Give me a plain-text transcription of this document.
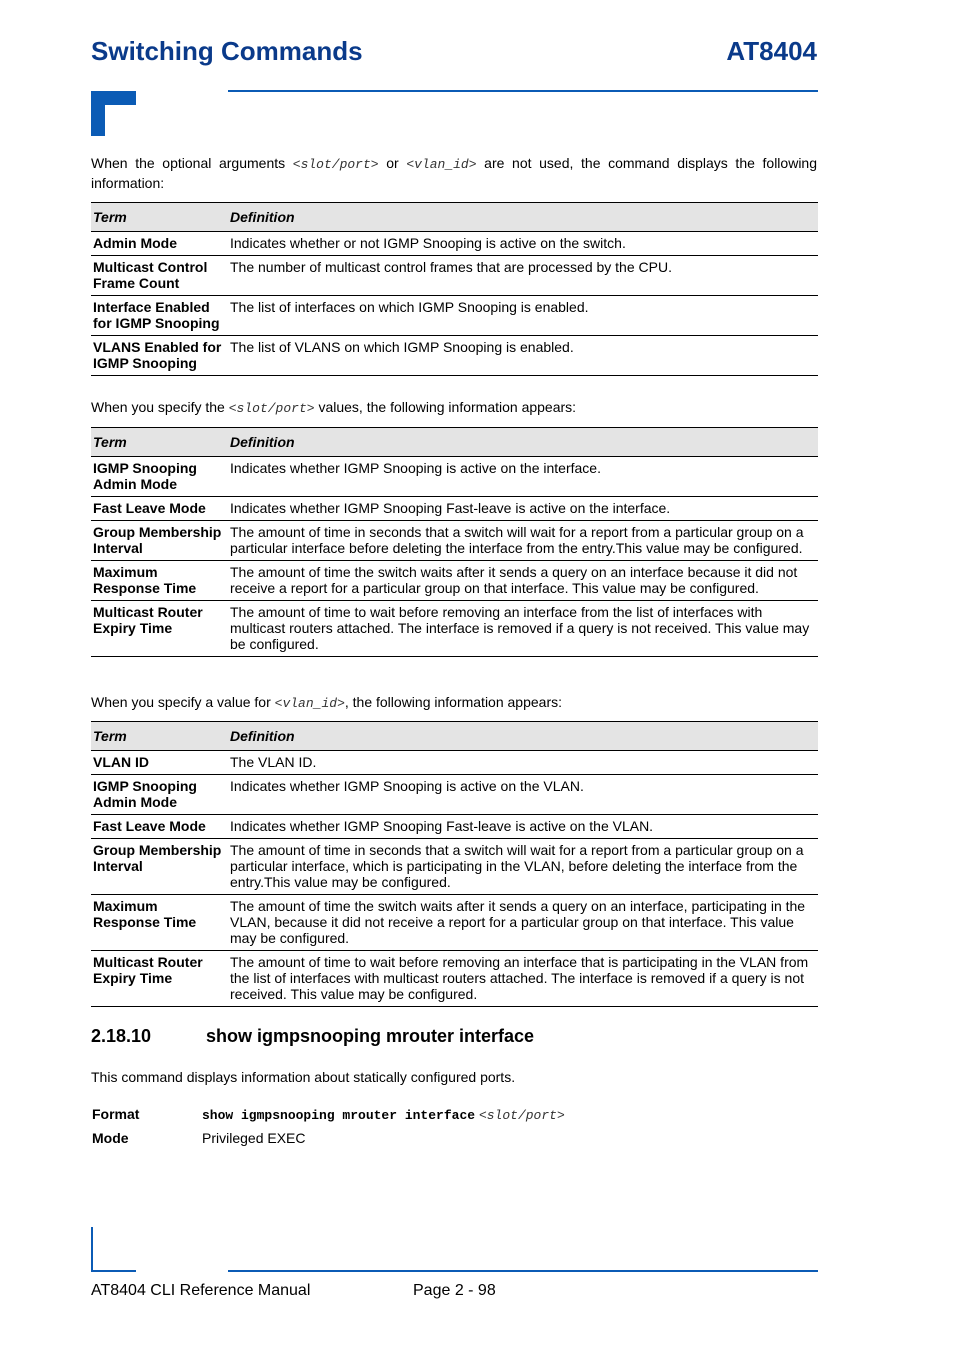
Switching Commands	AT8404
When the optional arguments <slot/port> or <vlan_id> are not used, the command displays the following information:
Term	Definition
Admin Mode	Indicates whether or not IGMP Snooping is active on the switch.
Multicast Control Frame Count	The number of multicast control frames that are processed by the CPU.
Interface Enabled for IGMP Snooping	The list of interfaces on which IGMP Snooping is enabled.
VLANS Enabled for IGMP Snooping	The list of VLANS on which IGMP Snooping is enabled.
When you specify the <slot/port> values, the following information appears:
Term	Definition
IGMP Snooping Admin Mode	Indicates whether IGMP Snooping is active on the interface.
Fast Leave Mode	Indicates whether IGMP Snooping Fast-leave is active on the interface.
Group Membership Interval	The amount of time in seconds that a switch will wait for a report from a particular group on a particular interface before deleting the interface from the entry.This value may be configured.
Maximum Response Time	The amount of time the switch waits after it sends a query on an interface because it did not receive a report for a particular group on that interface. This value may be configured.
Multicast Router Expiry Time	The amount of time to wait before removing an interface from the list of interfaces with multicast routers attached. The interface is removed if a query is not received. This value may be configured.
When you specify a value for <vlan_id>, the following information appears:
Term	Definition
VLAN ID	The VLAN ID.
IGMP Snooping Admin Mode	Indicates whether IGMP Snooping is active on the VLAN.
Fast Leave Mode	Indicates whether IGMP Snooping Fast-leave is active on the VLAN.
Group Membership Interval	The amount of time in seconds that a switch will wait for a report from a particular group on a particular interface, which is participating in the VLAN, before deleting the interface from the entry.This value may be configured.
Maximum Response Time	The amount of time the switch waits after it sends a query on an interface, participating in the VLAN, because it did not receive a report for a particular group on that interface. This value may be configured.
Multicast Router Expiry Time	The amount of time to wait before removing an interface that is participating in the VLAN from the list of interfaces with multicast routers attached. The interface is removed if a query is not received. This value may be configured.
2.18.10	show igmpsnooping mrouter interface
This command displays information about statically configured ports.
Format	show igmpsnooping mrouter interface <slot/port>
Mode	Privileged EXEC
AT8404 CLI Reference Manual	Page 2 - 98
